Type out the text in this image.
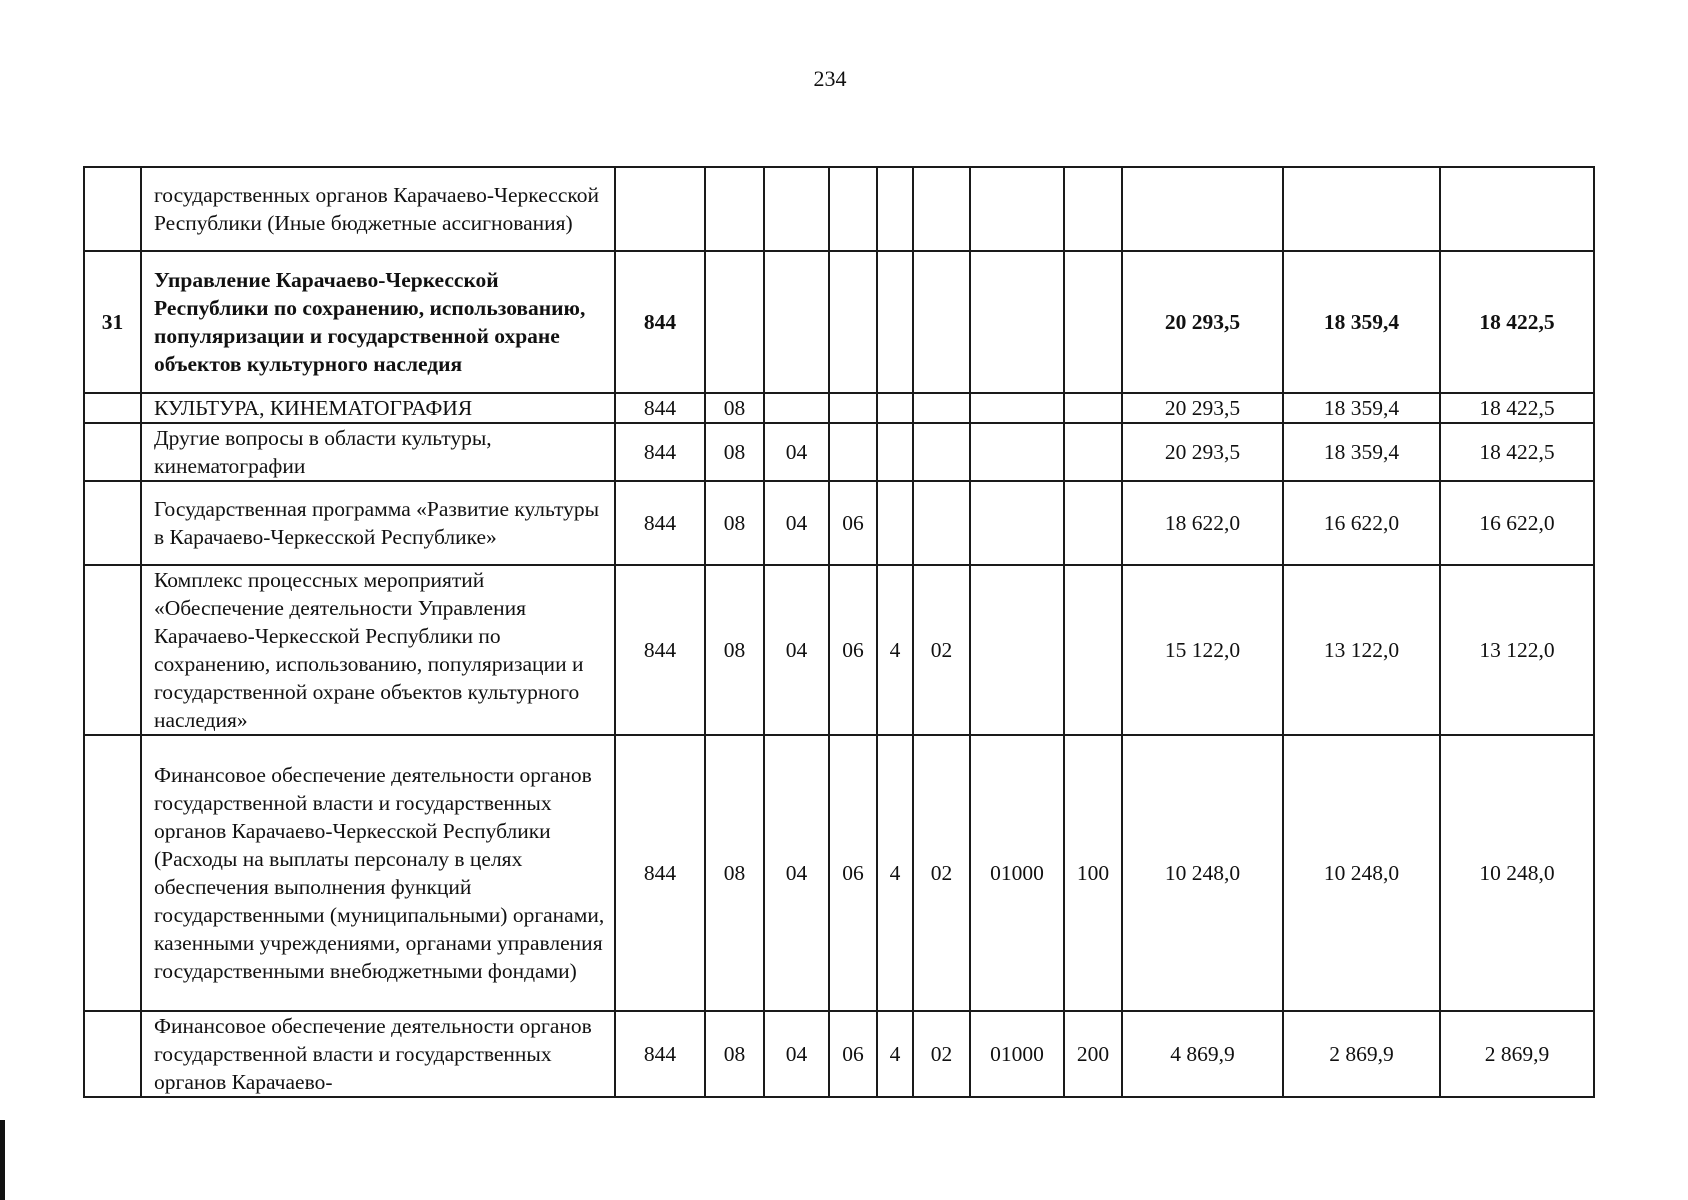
234
	государственных органов Карачаево-Черкесской Республики (Иные бюджетные ассигнования)											
31	Управление Карачаево-Черкесской Республики по сохранению, использованию, популяризации и государственной охране объектов культурного наследия	844								20 293,5	18 359,4	18 422,5
	КУЛЬТУРА, КИНЕМАТОГРАФИЯ	844	08							20 293,5	18 359,4	18 422,5
	Другие вопросы в области культуры, кинематографии	844	08	04						20 293,5	18 359,4	18 422,5
	Государственная программа «Развитие культуры в Карачаево-Черкесской Республике»	844	08	04	06					18 622,0	16 622,0	16 622,0
	Комплекс процессных мероприятий «Обеспечение деятельности Управления Карачаево-Черкесской Республики по сохранению, использованию, популяризации и государственной охране объектов культурного наследия»	844	08	04	06	4	02			15 122,0	13 122,0	13 122,0
	Финансовое обеспечение деятельности органов государственной власти и государственных органов Карачаево-Черкесской Республики (Расходы на выплаты персоналу в целях обеспечения выполнения функций государственными (муниципальными) органами, казенными учреждениями, органами управления государственными внебюджетными фондами)	844	08	04	06	4	02	01000	100	10 248,0	10 248,0	10 248,0
	Финансовое обеспечение деятельности органов государственной власти и государственных органов Карачаево-	844	08	04	06	4	02	01000	200	4 869,9	2 869,9	2 869,9
